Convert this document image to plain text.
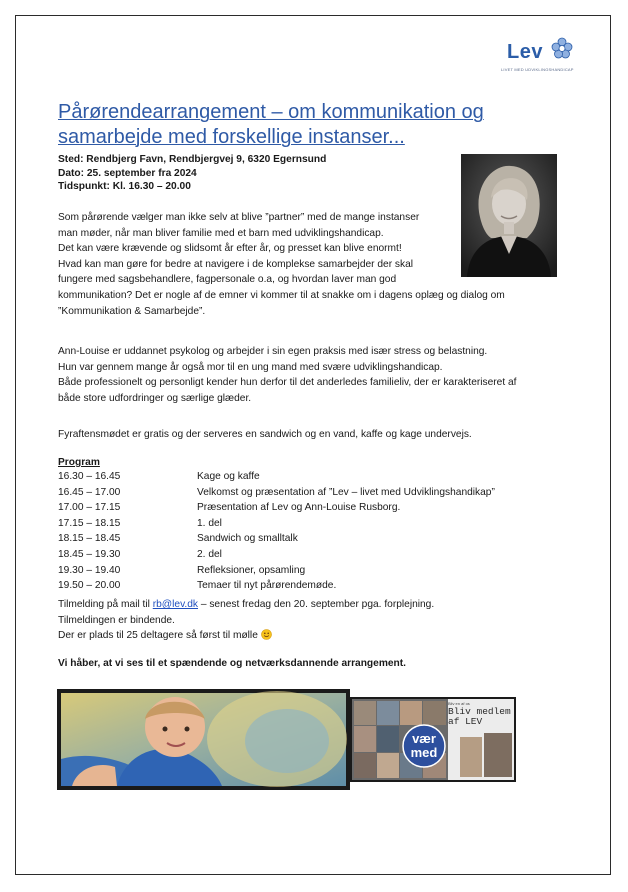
Lev
LIVET MED UDVIKLINGSHANDICAP
Pårørendearrangement – om kommunikation og samarbejde med forskellige instanser...
Sted: Rendbjerg Favn, Rendbjergvej 9, 6320 Egernsund
Dato: 25. september fra 2024
Tidspunkt: Kl. 16.30 – 20.00
Som pårørende vælger man ikke selv at blive ”partner” med de mange instanser
man møder, når man bliver familie med et barn med udviklingshandicap.
Det kan være krævende og slidsomt år efter år, og presset kan blive enormt!
Hvad kan man gøre for bedre at navigere i de komplekse samarbejder der skal
fungere med sagsbehandlere, fagpersonale o.a, og hvordan laver man god
kommunikation? Det er nogle af de emner vi kommer til at snakke om i dagens oplæg og dialog om
”Kommunikation & Samarbejde”.
Ann-Louise er uddannet psykolog og arbejder i sin egen praksis med især stress og belastning.
Hun var gennem mange år også mor til en ung mand med svære udviklingshandicap.
Både professionelt og personligt kender hun derfor til det anderledes familieliv, der er karakteriseret af
både store udfordringer og særlige glæder.
Fyraftensmødet er gratis og der serveres en sandwich og en vand, kaffe og kage undervejs.
Program
16.30 – 16.45	Kage og kaffe
16.45 – 17.00	Velkomst og præsentation af ”Lev – livet med Udviklingshandikap”
17.00 – 17.15	Præsentation af Lev og Ann-Louise Rusborg.
17.15 – 18.15	1. del
18.15 – 18.45	Sandwich og smalltalk
18.45 – 19.30	2. del
19.30 – 19.40	Refleksioner, opsamling
19.50 – 20.00	Temaer til nyt pårørendemøde.
Tilmelding på mail til rb@lev.dk – senest fredag den 20. september pga. forplejning.
Tilmeldingen er bindende.
Der er plads til 25 deltagere så først til mølle
Vi håber, at vi ses til et spændende og netværksdannende arrangement.
vær
med
Bliv en af os
Bliv medlem
af LEV
